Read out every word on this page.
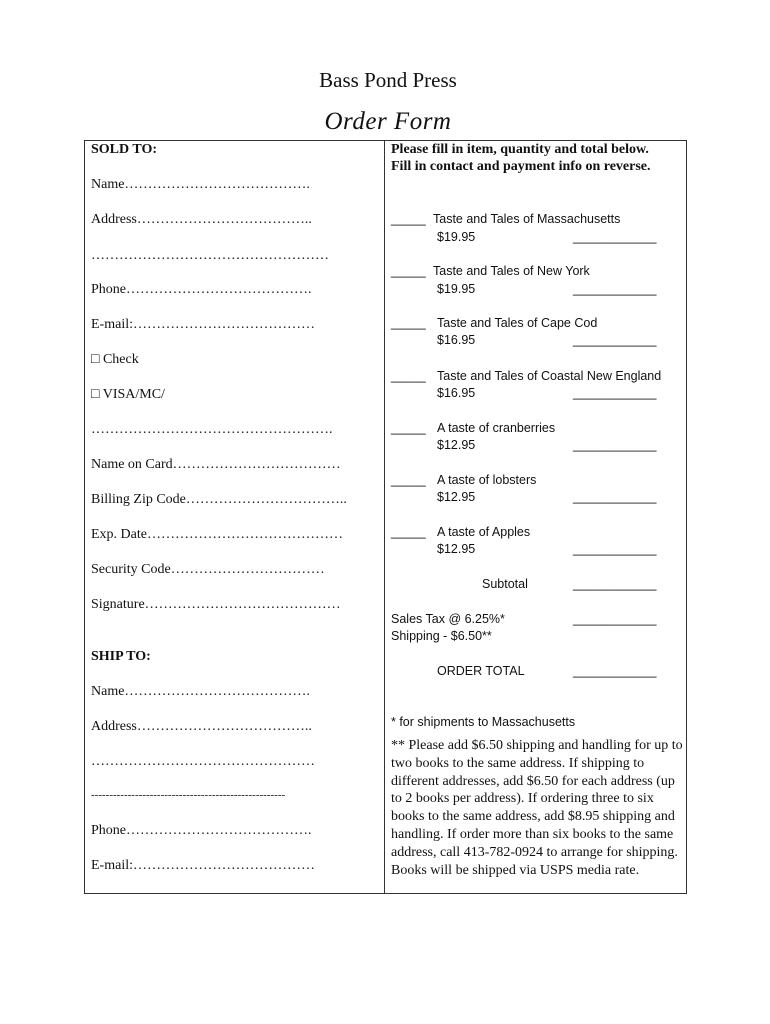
Bass Pond Press
Order Form
SOLD TO:
Name………………………………….
Address………………………………..
……………………………………………
Phone………………………………….
E-mail:…………………………………
□ Check
□ VISA/MC/
…………………………………………….
Name on Card………………………………
Billing Zip Code……………………………..
Exp. Date……………………………………
Security Code……………………………
Signature……………………………………
SHIP TO:
Name………………………………….
Address………………………………..
…………………………………………
-----------------------------------------------------
Phone………………………………….
E-mail:…………………………………
Please fill in item, quantity and total below.
Fill in contact and payment info on reverse.
_____ Taste and Tales of Massachusetts
$19.95	____________
_____ Taste and Tales of New York
$19.95	____________
_____ Taste and Tales of Cape Cod
$16.95	____________
_____ Taste and Tales of Coastal New England
$16.95	____________
_____ A taste of cranberries
$12.95	____________
_____ A taste of lobsters
$12.95	____________
_____ A taste of Apples
$12.95	____________
Subtotal	____________
Sales Tax @ 6.25%*	____________
Shipping - $6.50**
ORDER TOTAL	____________
* for shipments to Massachusetts
** Please add $6.50 shipping and handling for up to two books to the same address. If shipping to different addresses, add $6.50 for each address (up to 2 books per address). If ordering three to six books to the same address, add $8.95 shipping and handling. If order more than six books to the same address, call 413-782-0924 to arrange for shipping. Books will be shipped via USPS media rate.
